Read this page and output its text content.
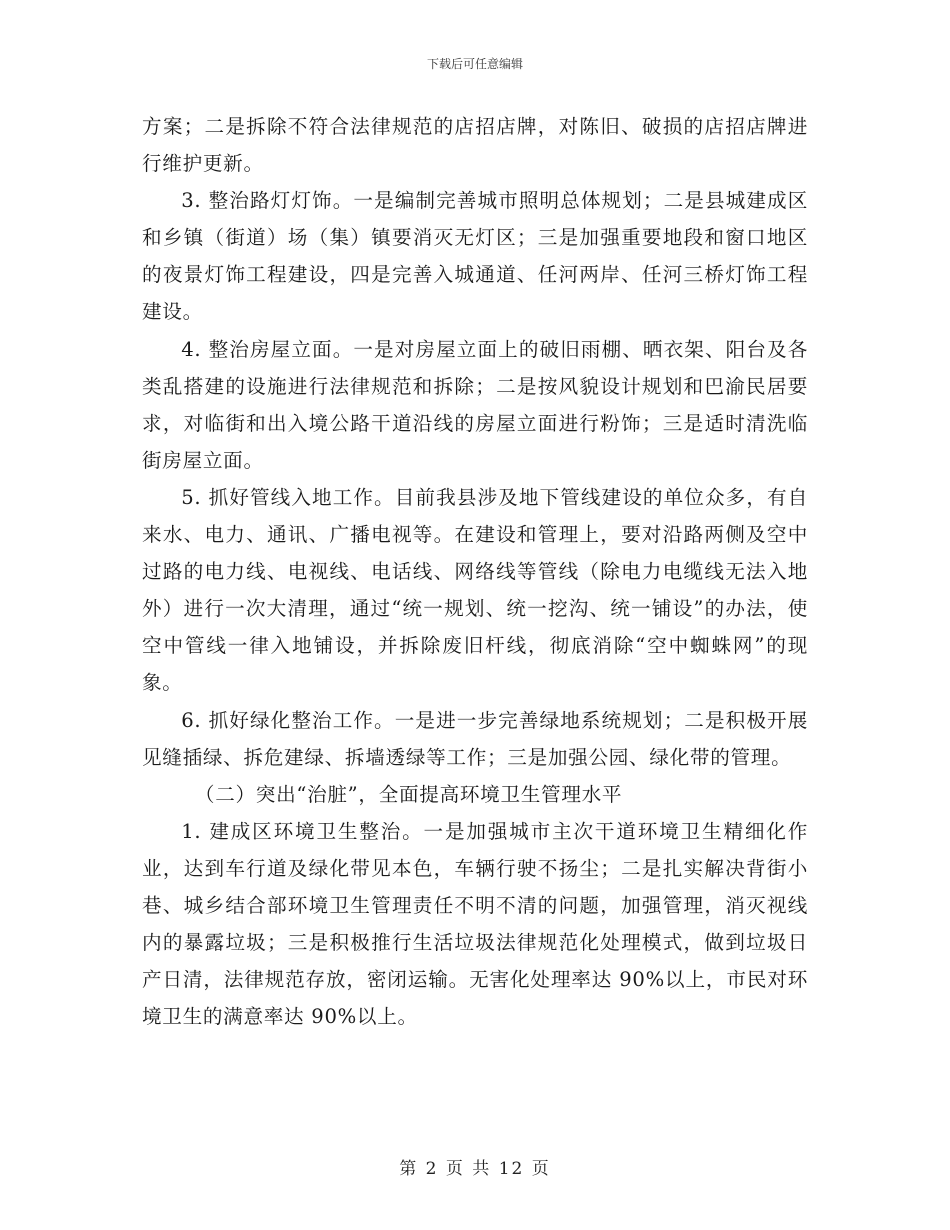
下载后可任意编辑

方案；二是拆除不符合法律规范的店招店牌，对陈旧、破损的店招店牌进行维护更新。

3. 整治路灯灯饰。一是编制完善城市照明总体规划；二是县城建成区和乡镇（街道）场（集）镇要消灭无灯区；三是加强重要地段和窗口地区的夜景灯饰工程建设，四是完善入城通道、任河两岸、任河三桥灯饰工程建设。

4. 整治房屋立面。一是对房屋立面上的破旧雨棚、晒衣架、阳台及各类乱搭建的设施进行法律规范和拆除；二是按风貌设计规划和巴渝民居要求，对临街和出入境公路干道沿线的房屋立面进行粉饰；三是适时清洗临街房屋立面。

5. 抓好管线入地工作。目前我县涉及地下管线建设的单位众多，有自来水、电力、通讯、广播电视等。在建设和管理上，要对沿路两侧及空中过路的电力线、电视线、电话线、网络线等管线（除电力电缆线无法入地外）进行一次大清理，通过“统一规划、统一挖沟、统一铺设”的办法，使空中管线一律入地铺设，并拆除废旧杆线，彻底消除“空中蜘蛛网”的现象。

6. 抓好绿化整治工作。一是进一步完善绿地系统规划；二是积极开展见缝插绿、拆危建绿、拆墙透绿等工作；三是加强公园、绿化带的管理。

（二）突出“治脏”，全面提高环境卫生管理水平

1. 建成区环境卫生整治。一是加强城市主次干道环境卫生精细化作业，达到车行道及绿化带见本色，车辆行驶不扬尘；二是扎实解决背街小巷、城乡结合部环境卫生管理责任不明不清的问题，加强管理，消灭视线内的暴露垃圾；三是积极推行生活垃圾法律规范化处理模式，做到垃圾日产日清，法律规范存放，密闭运输。无害化处理率达 90%以上，市民对环境卫生的满意率达 90%以上。

第 2 页 共 12 页
